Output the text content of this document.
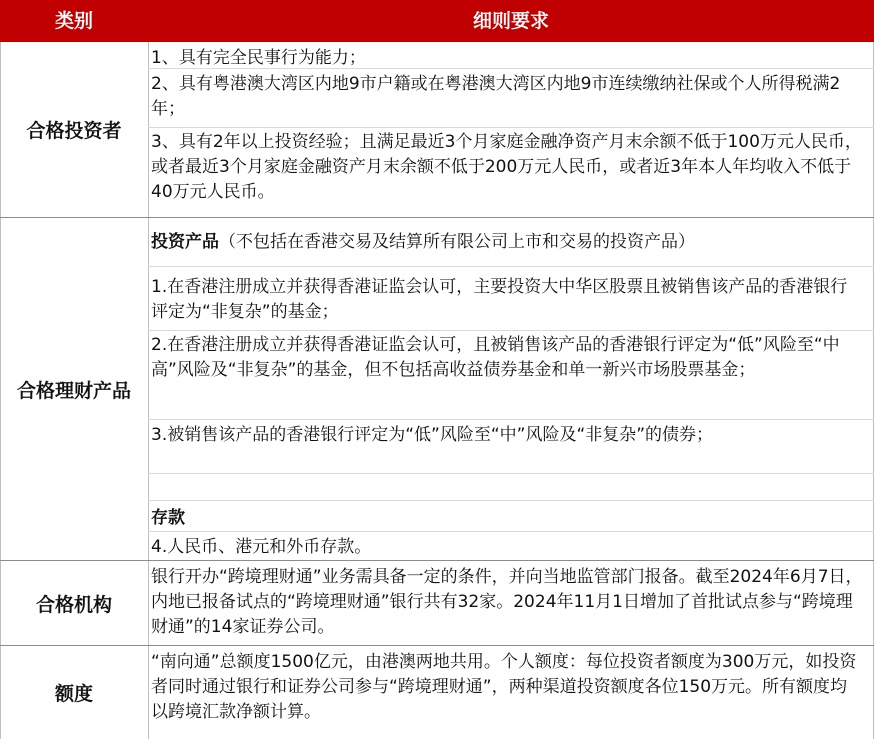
类别	细则要求
合格投资者
1、具有完全民事行为能力；
2、具有粤港澳大湾区内地9市户籍或在粤港澳大湾区内地9市连续缴纳社保或个人所得税满2年；
3、具有2年以上投资经验；且满足最近3个月家庭金融净资产月末余额不低于100万元人民币，或者最近3个月家庭金融资产月末余额不低于200万元人民币，或者近3年本人年均收入不低于40万元人民币。
合格理财产品
投资产品（不包括在香港交易及结算所有限公司上市和交易的投资产品）
1.在香港注册成立并获得香港证监会认可，主要投资大中华区股票且被销售该产品的香港银行评定为“非复杂”的基金；
2.在香港注册成立并获得香港证监会认可，且被销售该产品的香港银行评定为“低”风险至“中高”风险及“非复杂”的基金，但不包括高收益债券基金和单一新兴市场股票基金；
3.被销售该产品的香港银行评定为“低”风险至“中”风险及“非复杂”的债券；
存款
4.人民币、港元和外币存款。
合格机构
银行开办“跨境理财通”业务需具备一定的条件，并向当地监管部门报备。截至2024年6月7日，内地已报备试点的“跨境理财通”银行共有32家。2024年11月1日增加了首批试点参与“跨境理财通”的14家证券公司。
额度
“南向通”总额度1500亿元，由港澳两地共用。个人额度：每位投资者额度为300万元，如投资者同时通过银行和证券公司参与“跨境理财通”，两种渠道投资额度各位150万元。所有额度均以跨境汇款净额计算。
